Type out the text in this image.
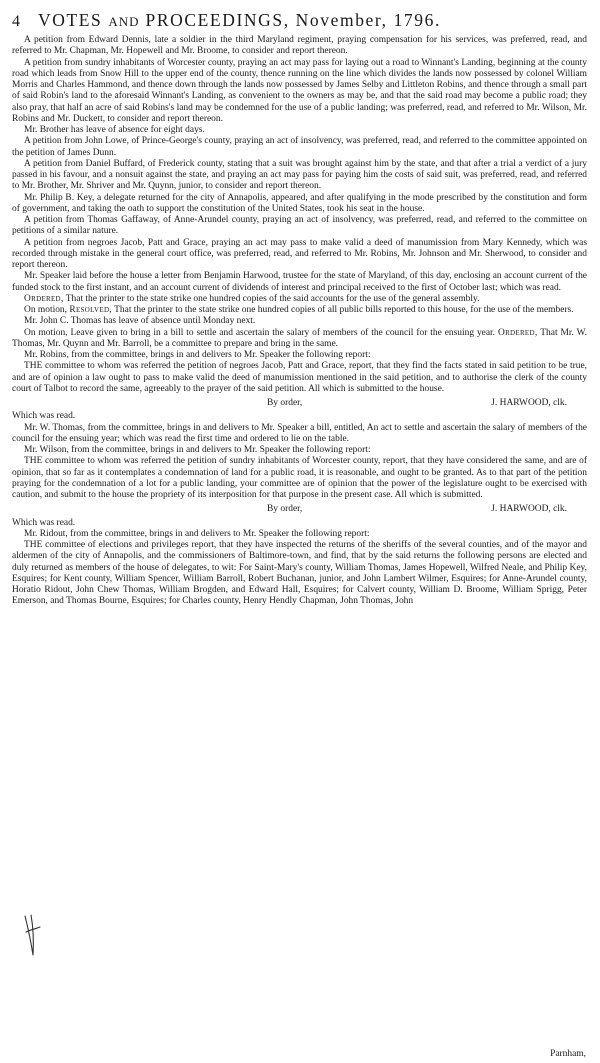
4	VOTES AND PROCEEDINGS, November, 1796.

A petition from Edward Dennis, late a soldier in the third Maryland regiment, praying compensation for his services, was preferred, read, and referred to Mr. Chapman, Mr. Hopewell and Mr. Broome, to consider and report thereon.

A petition from sundry inhabitants of Worcester county, praying an act may pass for laying out a road to Winnant's Landing, beginning at the county road which leads from Snow Hill to the upper end of the county, thence running on the line which divides the lands now possessed by colonel William Morris and Charles Hammond, and thence down through the lands now possessed by James Selby and Littleton Robins, and thence through a small part of said Robin's land to the aforesaid Winnant's Landing, as convenient to the owners as may be, and that the said road may become a public road; they also pray, that half an acre of said Robins's land may be condemned for the use of a public landing; was preferred, read, and referred to Mr. Wilson, Mr. Robins and Mr. Duckett, to consider and report thereon.

Mr. Brother has leave of absence for eight days.

A petition from John Lowe, of Prince-George's county, praying an act of insolvency, was preferred, read, and referred to the committee appointed on the petition of James Dunn.

A petition from Daniel Buffard, of Frederick county, stating that a suit was brought against him by the state, and that after a trial a verdict of a jury passed in his favour, and a nonsuit against the state, and praying an act may pass for paying him the costs of said suit, was preferred, read, and referred to Mr. Brother, Mr. Shriver and Mr. Quynn, junior, to consider and report thereon.

Mr. Philip B. Key, a delegate returned for the city of Annapolis, appeared, and after qualifying in the mode prescribed by the constitution and form of government, and taking the oath to support the constitution of the United States, took his seat in the house.

A petition from Thomas Gaffaway, of Anne-Arundel county, praying an act of insolvency, was preferred, read, and referred to the committee on petitions of a similar nature.

A petition from negroes Jacob, Patt and Grace, praying an act may pass to make valid a deed of manumission from Mary Kennedy, which was recorded through mistake in the general court office, was preferred, read, and referred to Mr. Robins, Mr. Johnson and Mr. Sherwood, to consider and report thereon.

Mr. Speaker laid before the house a letter from Benjamin Harwood, trustee for the state of Maryland, of this day, enclosing an account current of the funded stock to the first instant, and an account current of dividends of interest and principal received to the first of October last; which was read.

Ordered, That the printer to the state strike one hundred copies of the said accounts for the use of the general assembly.

On motion, Resolved, That the printer to the state strike one hundred copies of all public bills reported to this house, for the use of the members.

Mr. John C. Thomas has leave of absence until Monday next.

On motion, Leave given to bring in a bill to settle and ascertain the salary of members of the council for the ensuing year. Ordered, That Mr. W. Thomas, Mr. Quynn and Mr. Barroll, be a committee to prepare and bring in the same.

Mr. Robins, from the committee, brings in and delivers to Mr. Speaker the following report:

THE committee to whom was referred the petition of negroes Jacob, Patt and Grace, report, that they find the facts stated in said petition to be true, and are of opinion a law ought to pass to make valid the deed of manumission mentioned in the said petition, and to authorise the clerk of the county court of Talbot to record the same, agreeably to the prayer of the said petition. All which is submitted to the house.

By order,	J. HARWOOD, clk.

Which was read.

Mr. W. Thomas, from the committee, brings in and delivers to Mr. Speaker a bill, entitled, An act to settle and ascertain the salary of members of the council for the ensuing year; which was read the first time and ordered to lie on the table.

Mr. Wilson, from the committee, brings in and delivers to Mr. Speaker the following report:

THE committee to whom was referred the petition of sundry inhabitants of Worcester county, report, that they have considered the same, and are of opinion, that so far as it contemplates a condemnation of land for a public road, it is reasonable, and ought to be granted. As to that part of the petition praying for the condemnation of a lot for a public landing, your committee are of opinion that the power of the legislature ought to be exercised with caution, and submit to the house the propriety of its interposition for that purpose in the present case. All which is submitted.

By order,	J. HARWOOD, clk.

Which was read.

Mr. Ridout, from the committee, brings in and delivers to Mr. Speaker the following report:

THE committee of elections and privileges report, that they have inspected the returns of the sheriffs of the several counties, and of the mayor and aldermen of the city of Annapolis, and the commissioners of Baltimore-town, and find, that by the said returns the following persons are elected and duly returned as members of the house of delegates, to wit: For Saint-Mary's county, William Thomas, James Hopewell, Wilfred Neale, and Philip Key, Esquires; for Kent county, William Spencer, William Barroll, Robert Buchanan, junior, and John Lambert Wilmer, Esquires; for Anne-Arundel county, Horatio Ridout, John Chew Thomas, William Brogden, and Edward Hall, Esquires; for Calvert county, William D. Broome, William Sprigg, Peter Emerson, and Thomas Bourne, Esquires; for Charles county, Henry Hendly Chapman, John Thomas, John

Parnham,
